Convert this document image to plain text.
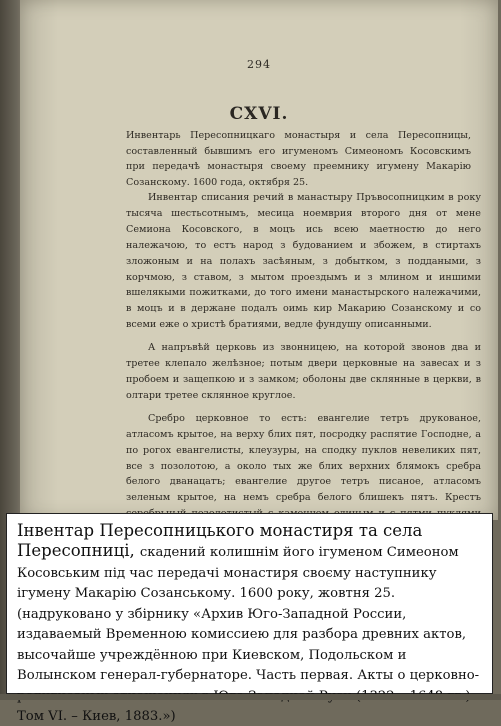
294
CXVI.
Инвентарь Пересопницкаго монастыря и села Пересопницы, составленный бывшимъ его игуменомъ Симеономъ Косовскимъ при передачѣ монастыря своему преемнику игумену Макарію Созанскому. 1600 года, октября 25.

Инвентар списания речий в манастыру Пръвосопницким в року тысяча шестьсотнымъ, месица ноемврия второго дня от мене Семиона Косовского, в моцъ ись всею маетностю до него належачою, то естъ народ з будованием и збожем, в стиртахъ зложоным и на полахъ засѣяным, з добытком, з поддаными, з корчмою, з ставом, з мытом проездымъ и з млином и иншими вшелякыми пожитками, до того имени манастырского належачими, в моцъ и в держане подалъ оимь кир Макарию Созанскому и со всеми еже о христѣ братиями, ведле фундушу описанными.

А напръвѣй церковь из звонницею, на которой звонов два и третее клепало желѣзное; потым двери церковные на завесах и з пробоем и защепкою и з замком; оболоны две склянные в церкви, в олтари третее склянное круглое.

Сребро церковное то естъ: евангелие тетръ друкованое, атласомъ крытое, на верху блих пят, посродку распятие Господне, а по рогох евангелисты, клеузуры, на сподку пуклов невеликих пят, все з позолотою, а около тых же блих верхних блямокъ сребра белого дванацатъ; евангелие другое тетръ писаное, атласомъ зеленым крытое, на немъ сребра белого блишекъ пятъ. Крестъ

Інвентар Пересопницького монастиря та села Пересопниці, скадений колишнім його ігуменом Симеоном Косовським під час передачі монастиря своєму наступнику ігумену Макарію Созанському. 1600 року, жовтня 25. (надруковано у збірнику «Архив Юго-Западной России, издаваемый Временною комиссиею для разбора древних актов, высочайше учреждённою при Киевском, Подольском и Волынском генерал-губернаторе. Часть первая. Акты о церковно- Том VI. – Киев, 1883.»)
